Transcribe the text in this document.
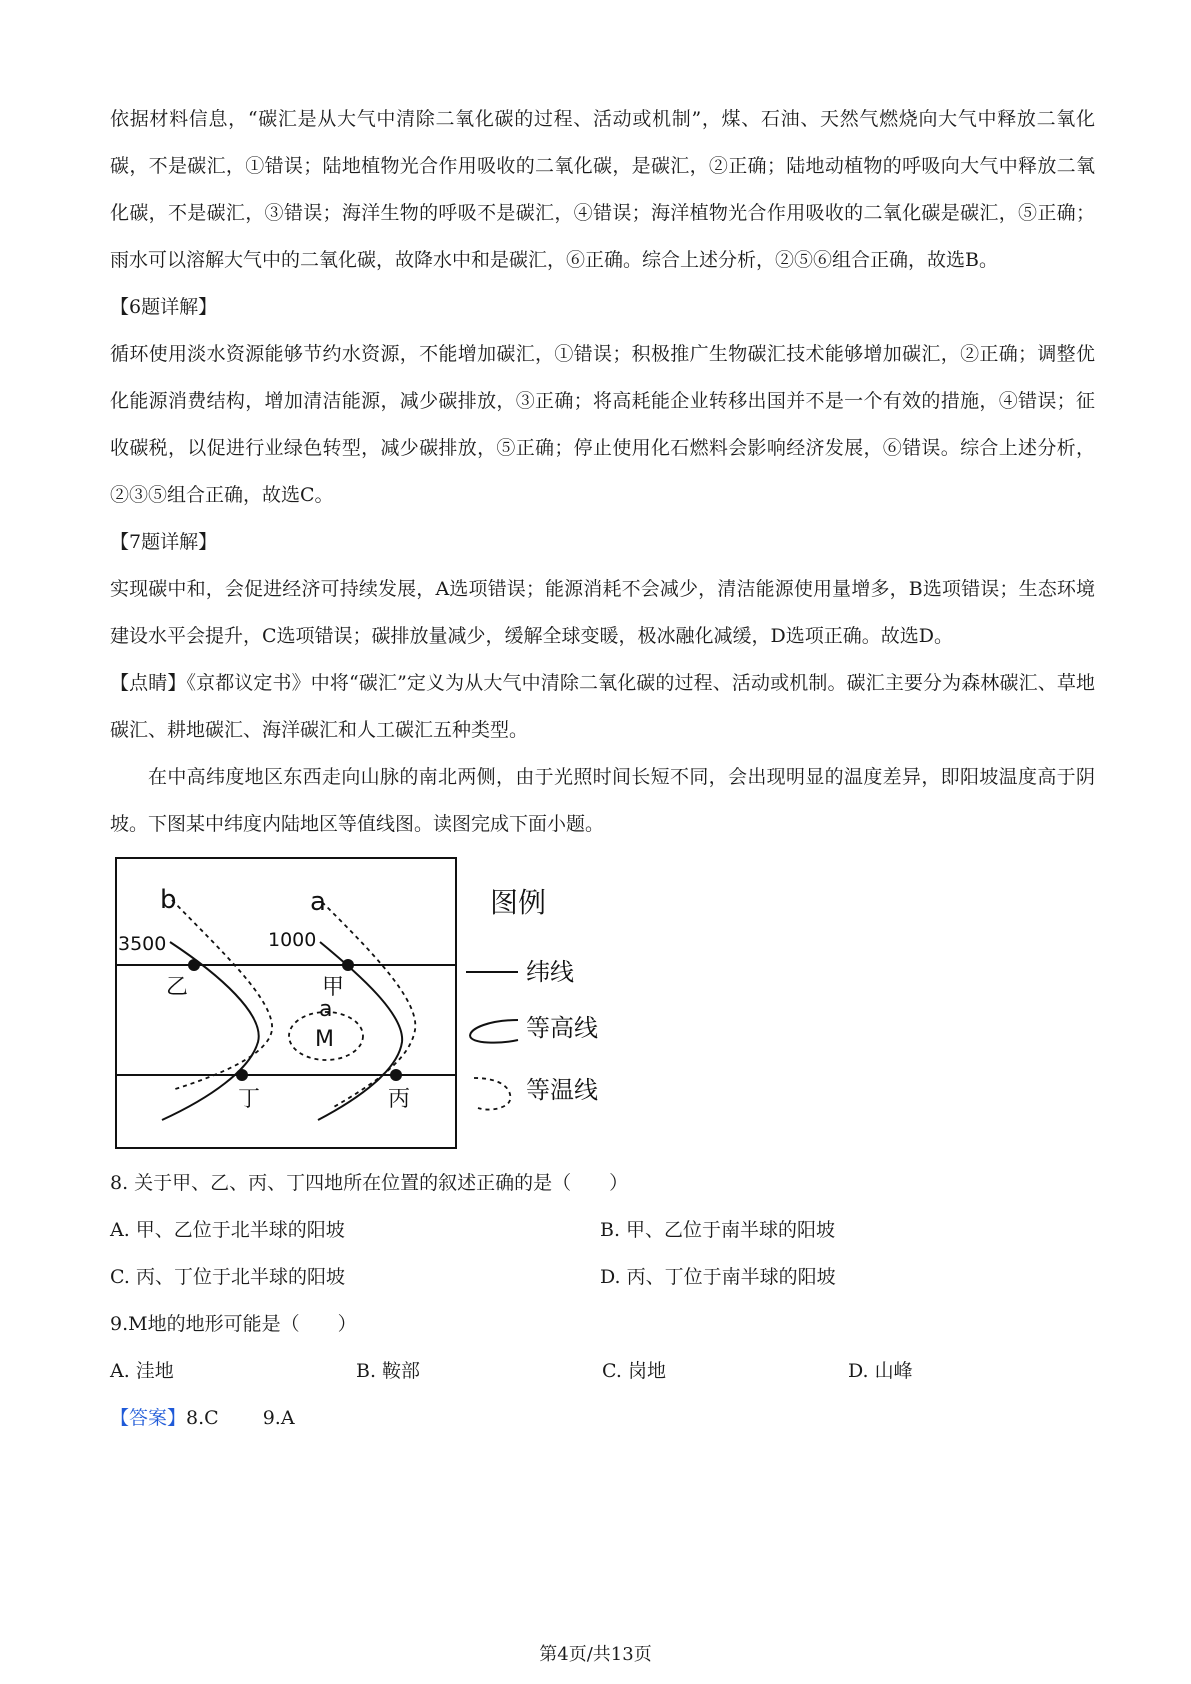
依据材料信息，“碳汇是从大气中清除二氧化碳的过程、活动或机制”，煤、石油、天然气燃烧向大气中释放二氧化碳，不是碳汇，①错误；陆地植物光合作用吸收的二氧化碳，是碳汇，②正确；陆地动植物的呼吸向大气中释放二氧化碳，不是碳汇，③错误；海洋生物的呼吸不是碳汇，④错误；海洋植物光合作用吸收的二氧化碳是碳汇，⑤正确；雨水可以溶解大气中的二氧化碳，故降水中和是碳汇，⑥正确。综合上述分析，②⑤⑥组合正确，故选B。

【6题详解】

循环使用淡水资源能够节约水资源，不能增加碳汇，①错误；积极推广生物碳汇技术能够增加碳汇，②正确；调整优化能源消费结构，增加清洁能源，减少碳排放，③正确；将高耗能企业转移出国并不是一个有效的措施，④错误；征收碳税，以促进行业绿色转型，减少碳排放，⑤正确；停止使用化石燃料会影响经济发展，⑥错误。综合上述分析，②③⑤组合正确，故选C。

【7题详解】

实现碳中和，会促进经济可持续发展，A选项错误；能源消耗不会减少，清洁能源使用量增多，B选项错误；生态环境建设水平会提升，C选项错误；碳排放量减少，缓解全球变暖，极冰融化减缓，D选项正确。故选D。

【点睛】《京都议定书》中将“碳汇”定义为从大气中清除二氧化碳的过程、活动或机制。碳汇主要分为森林碳汇、草地碳汇、耕地碳汇、海洋碳汇和人工碳汇五种类型。

在中高纬度地区东西走向山脉的南北两侧，由于光照时间长短不同，会出现明显的温度差异，即阳坡温度高于阴坡。下图某中纬度内陆地区等值线图。读图完成下面小题。

b	a
3500	1000
乙	甲
a
M
丁	丙
图例
纬线
等高线
等温线

8. 关于甲、乙、丙、丁四地所在位置的叙述正确的是（　　）

A. 甲、乙位于北半球的阳坡	B. 甲、乙位于南半球的阳坡
C. 丙、丁位于北半球的阳坡	D. 丙、丁位于南半球的阳坡

9.M地的地形可能是（　　）

A. 洼地	B. 鞍部	C. 岗地	D. 山峰

【答案】8.C 9.A

第4页/共13页
